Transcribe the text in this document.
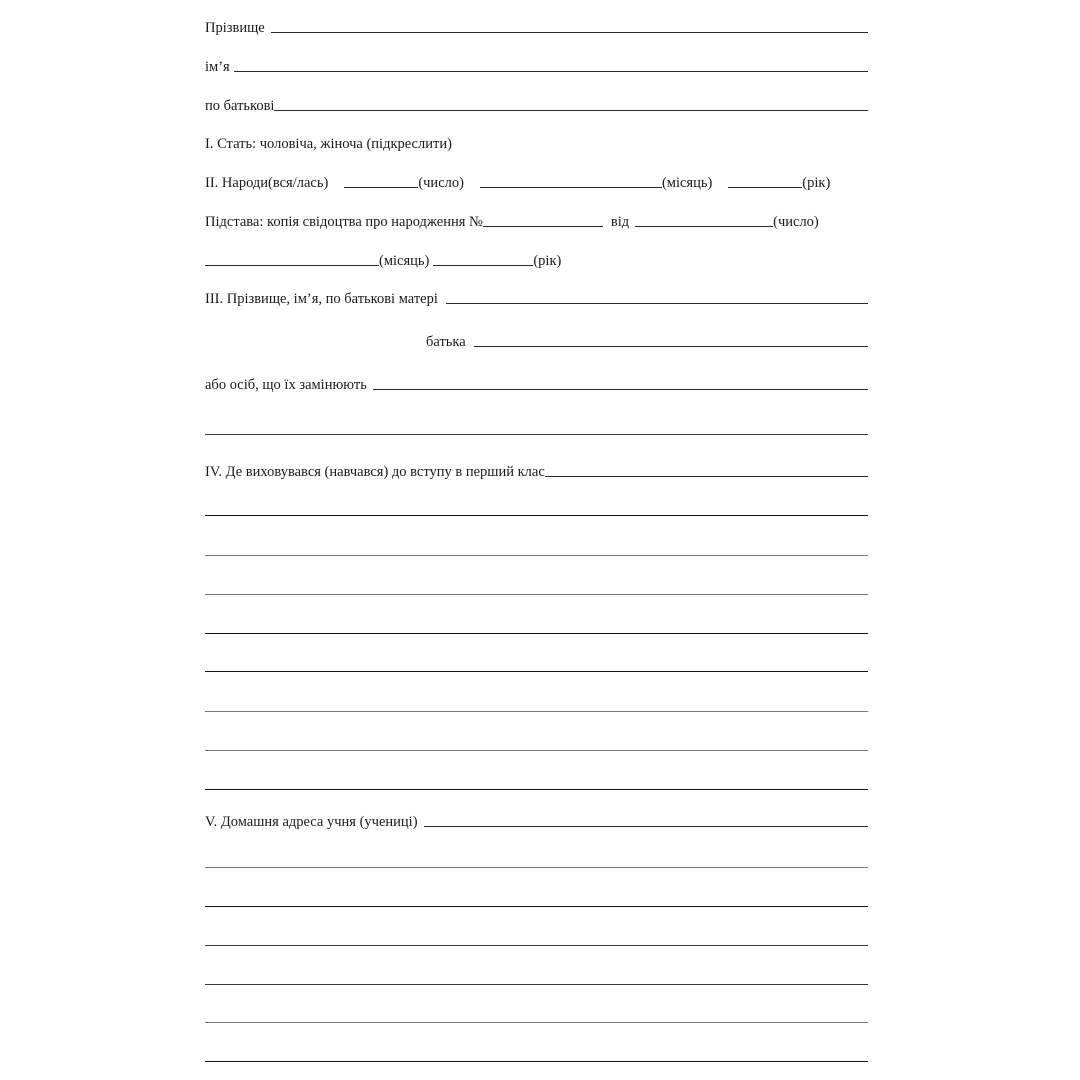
Прізвище
ім’я
по батькові
I. Стать: чоловіча, жіноча (підкреслити)
II. Народи(вся/лась)	(число)	(місяць)	(рік)
Підстава: копія свідоцтва про народження №	від	(число)
(місяць)	(рік)
III. Прізвище, ім’я, по батькові матері
батька
або осіб, що їх замінюють
IV. Де виховувався (навчався) до вступу в перший клас
V. Домашня адреса учня (учениці)
